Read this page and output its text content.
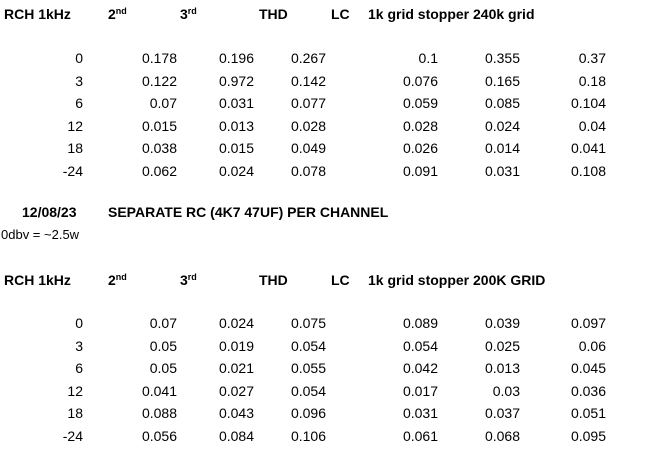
RCH 1kHz	2nd	3rd	THD	LC 1k grid stopper 240k grid
0	0.178	0.196	0.267	0.1	0.355	0.37
3	0.122	0.972	0.142	0.076	0.165	0.18
6	0.07	0.031	0.077	0.059	0.085	0.104
12	0.015	0.013	0.028	0.028	0.024	0.04
18	0.038	0.015	0.049	0.026	0.014	0.041
-24	0.062	0.024	0.078	0.091	0.031	0.108
12/08/23 SEPARATE RC (4K7 47UF) PER CHANNEL
0dbv = ~2.5w
RCH 1kHz	2nd	3rd	THD	LC 1k grid stopper 200K GRID
0	0.07	0.024	0.075	0.089	0.039	0.097
3	0.05	0.019	0.054	0.054	0.025	0.06
6	0.05	0.021	0.055	0.042	0.013	0.045
12	0.041	0.027	0.054	0.017	0.03	0.036
18	0.088	0.043	0.096	0.031	0.037	0.051
-24	0.056	0.084	0.106	0.061	0.068	0.095
